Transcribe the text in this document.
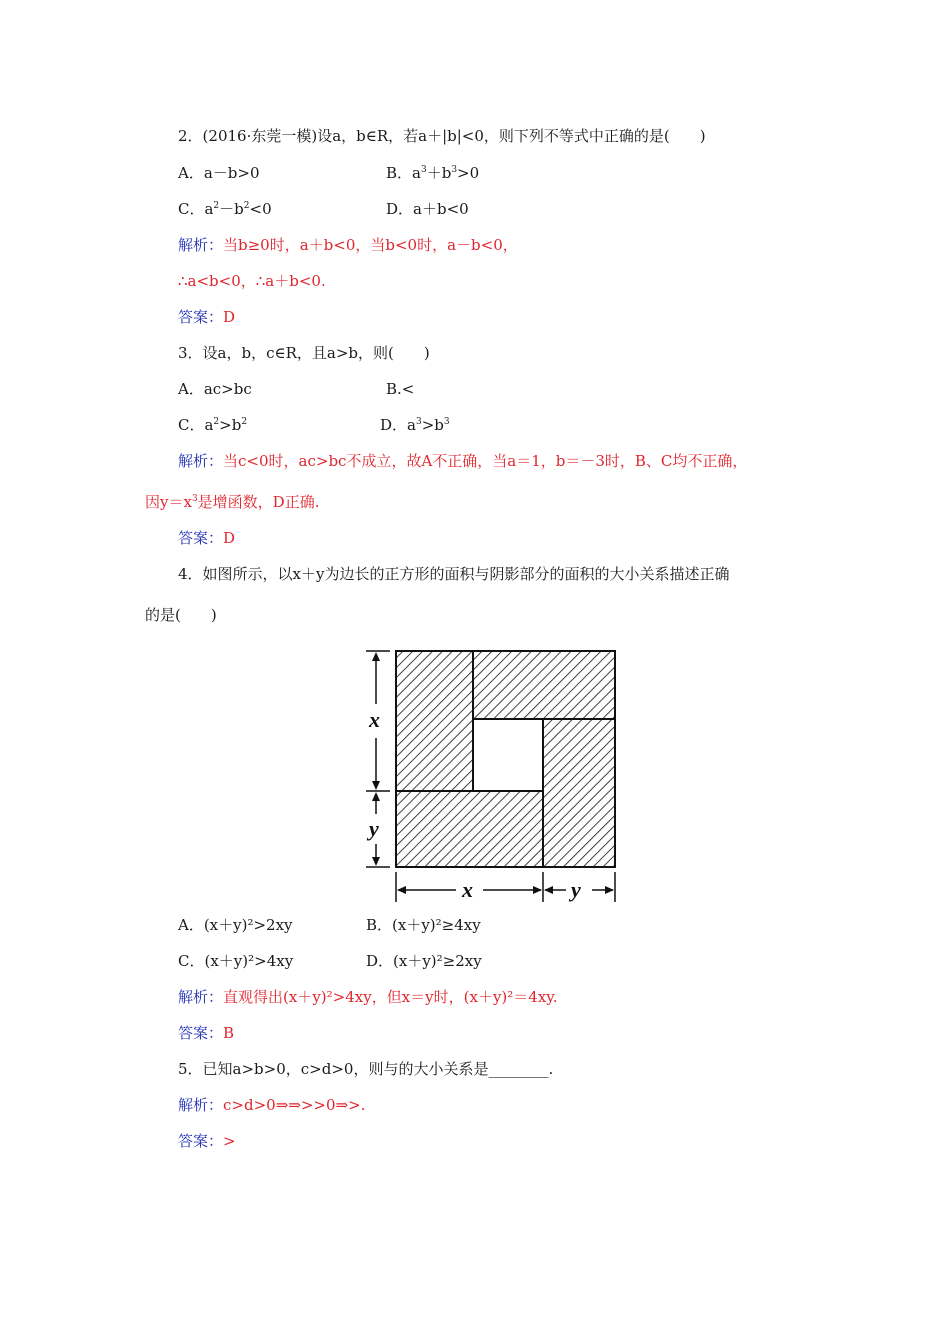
2．(2016·东莞一模)设a，b∈R，若a＋|b|<0，则下列不等式中正确的是(　　)
A．a－b>0	B．$a^3+b^3>0$
C．$a^2-b^2<0$	D．a＋b<0
解析：当b≥0时，a＋b<0，当b<0时，a－b<0，
∴a<b<0，∴a＋b<0.
答案：D
3．设a，b，c∈R，且a>b，则(　　)
A．ac>bc	B.<
C．$a^2>b^2$	D．$a^3>b^3$
解析：当c<0时，ac>bc不成立，故A不正确，当a＝1，b＝－3时，B、C均不正确，
因$y=x^3$是增函数，D正确.
答案：D
4．如图所示，以x＋y为边长的正方形的面积与阴影部分的面积的大小关系描述正确
的是(　　)
x
y
x	y
A．(x＋y)²>2xy	B．(x＋y)²≥4xy
C．(x＋y)²>4xy	D．(x＋y)²≥2xy
解析：直观得出(x＋y)²>4xy，但x＝y时，(x＋y)²＝4xy.
答案：B
5．已知a>b>0，c>d>0，则与的大小关系是________.
解析：c>d>0⇒⇒>>0⇒>.
答案：>
